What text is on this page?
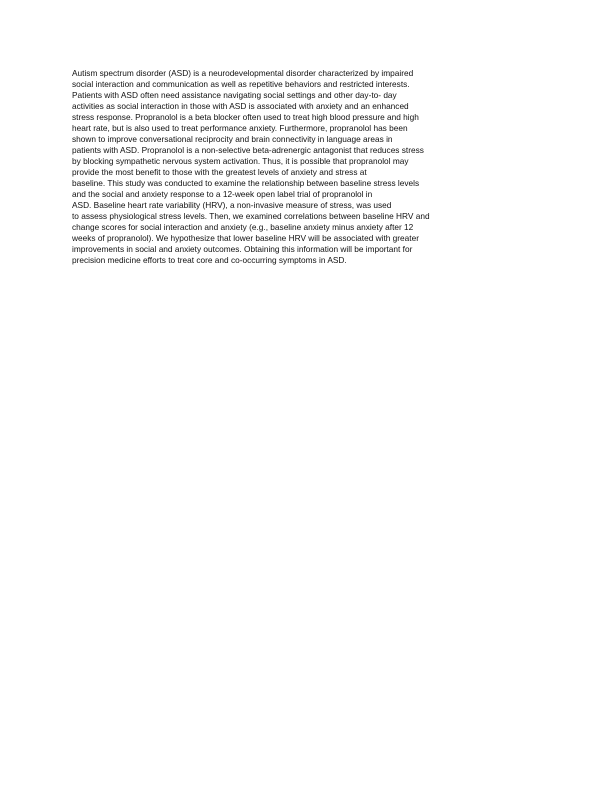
Autism spectrum disorder (ASD) is a neurodevelopmental disorder characterized by impaired
social interaction and communication as well as repetitive behaviors and restricted interests.
Patients with ASD often need assistance navigating social settings and other day-to- day
activities as social interaction in those with ASD is associated with anxiety and an enhanced
stress response. Propranolol is a beta blocker often used to treat high blood pressure and high
heart rate, but is also used to treat performance anxiety. Furthermore, propranolol has been
shown to improve conversational reciprocity and brain connectivity in language areas in
patients with ASD. Propranolol is a non-selective beta-adrenergic antagonist that reduces stress
by blocking sympathetic nervous system activation. Thus, it is possible that propranolol may
provide the most benefit to those with the greatest levels of anxiety and stress at
baseline. This study was conducted to examine the relationship between baseline stress levels
and the social and anxiety response to a 12-week open label trial of propranolol in
ASD. Baseline heart rate variability (HRV), a non-invasive measure of stress, was used
to assess physiological stress levels. Then, we examined correlations between baseline HRV and
change scores for social interaction and anxiety (e.g., baseline anxiety minus anxiety after 12
weeks of propranolol). We hypothesize that lower baseline HRV will be associated with greater
improvements in social and anxiety outcomes. Obtaining this information will be important for
precision medicine efforts to treat core and co-occurring symptoms in ASD.
